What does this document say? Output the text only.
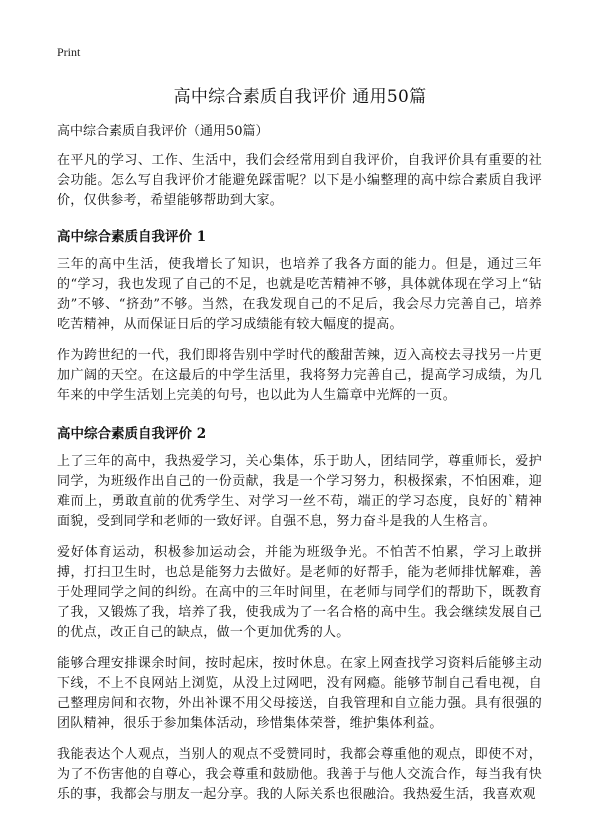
Print
高中综合素质自我评价 通用50篇
高中综合素质自我评价（通用50篇）

在平凡的学习、工作、生活中，我们会经常用到自我评价，自我评价具有重要的社会功能。怎么写自我评价才能避免踩雷呢？以下是小编整理的高中综合素质自我评价，仅供参考，希望能够帮助到大家。

高中综合素质自我评价 1

三年的高中生活，使我增长了知识，也培养了我各方面的能力。但是，通过三年的“学习，我也发现了自己的不足，也就是吃苦精神不够，具体就体现在学习上“钻劲”不够、“挤劲”不够。当然，在我发现自己的不足后，我会尽力完善自己，培养吃苦精神，从而保证日后的学习成绩能有较大幅度的提高。

作为跨世纪的一代，我们即将告别中学时代的酸甜苦辣，迈入高校去寻找另一片更加广阔的天空。在这最后的中学生活里，我将努力完善自己，提高学习成绩，为几年来的中学生活划上完美的句号，也以此为人生篇章中光辉的一页。

高中综合素质自我评价 2

上了三年的高中，我热爱学习，关心集体，乐于助人，团结同学，尊重师长，爱护同学，为班级作出自己的一份贡献，我是一个学习努力，积极探索，不怕困难，迎难而上，勇敢直前的优秀学生、对学习一丝不苟，端正的学习态度，良好的`精神面貌，受到同学和老师的一致好评。自强不息，努力奋斗是我的人生格言。

爱好体育运动，积极参加运动会，并能为班级争光。不怕苦不怕累，学习上敢拼搏，打扫卫生时，也总是能努力去做好。是老师的好帮手，能为老师排忧解难，善于处理同学之间的纠纷。在高中的三年时间里，在老师与同学们的帮助下，既教育了我，又锻炼了我，培养了我，使我成为了一名合格的高中生。我会继续发展自己的优点，改正自己的缺点，做一个更加优秀的人。

能够合理安排课余时间，按时起床，按时休息。在家上网查找学习资料后能够主动下线，不上不良网站上浏览，从没上过网吧，没有网瘾。能够节制自己看电视，自己整理房间和衣物，外出补课不用父母接送，自我管理和自立能力强。具有很强的团队精神，很乐于参加集体活动，珍惜集体荣誉，维护集体利益。

我能表达个人观点，当别人的观点不受赞同时，我都会尊重他的观点，即使不对，为了不伤害他的自尊心，我会尊重和鼓励他。我善于与他人交流合作，每当我有快乐的事，我都会与朋友一起分享。我的人际关系也很融洽。我热爱生活，我喜欢观
